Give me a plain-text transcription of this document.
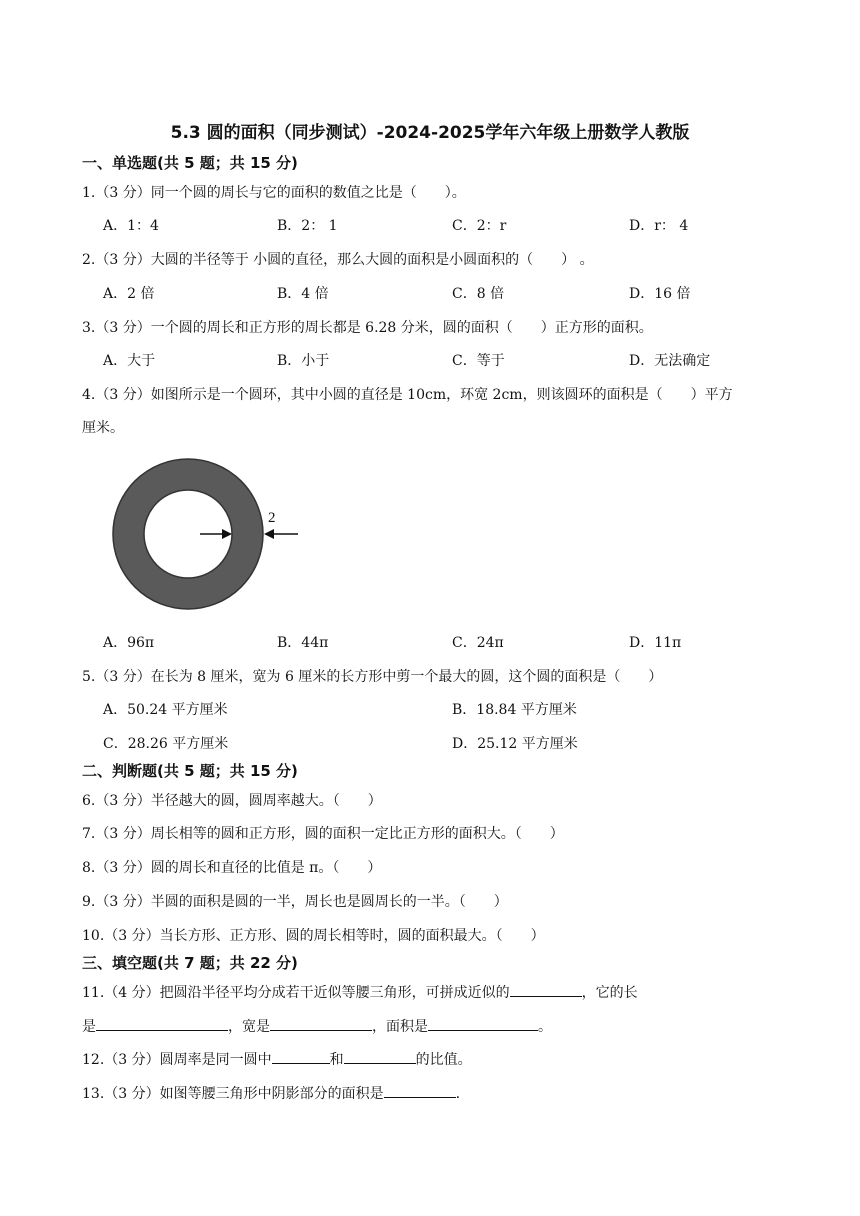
5.3 圆的面积（同步测试）-2024-2025学年六年级上册数学人教版
一、单选题(共 5 题；共 15 分)
1.（3 分）同一个圆的周长与它的面积的数值之比是（　　）。
A．1：4	B．2： 1	C．2：r	D．r： 4
2.（3 分）大圆的半径等于 小圆的直径，那么大圆的面积是小圆面积的（　　） 。
A．2 倍	B．4 倍	C．8 倍	D．16 倍
3.（3 分）一个圆的周长和正方形的周长都是 6.28 分米，圆的面积（　　）正方形的面积。
A．大于	B．小于	C．等于	D．无法确定
4.（3 分）如图所示是一个圆环，其中小圆的直径是 10cm，环宽 2cm，则该圆环的面积是（　　）平方
厘米。
2
A．96π	B．44π	C．24π	D．11π
5.（3 分）在长为 8 厘米，宽为 6 厘米的长方形中剪一个最大的圆，这个圆的面积是（　　）
A．50.24 平方厘米	B．18.84 平方厘米
C．28.26 平方厘米	D．25.12 平方厘米
二、判断题(共 5 题；共 15 分)
6.（3 分）半径越大的圆，圆周率越大。（　　）
7.（3 分）周长相等的圆和正方形，圆的面积一定比正方形的面积大。（　　）
8.（3 分）圆的周长和直径的比值是 π。（　　）
9.（3 分）半圆的面积是圆的一半，周长也是圆周长的一半。（　　）
10.（3 分）当长方形、正方形、圆的周长相等时，圆的面积最大。（　　）
三、填空题(共 7 题；共 22 分)
11.（4 分）把圆沿半径平均分成若干近似等腰三角形，可拼成近似的	，它的长
是	，宽是	，面积是	。
12.（3 分）圆周率是同一圆中	和	的比值。
13.（3 分）如图等腰三角形中阴影部分的面积是	.
